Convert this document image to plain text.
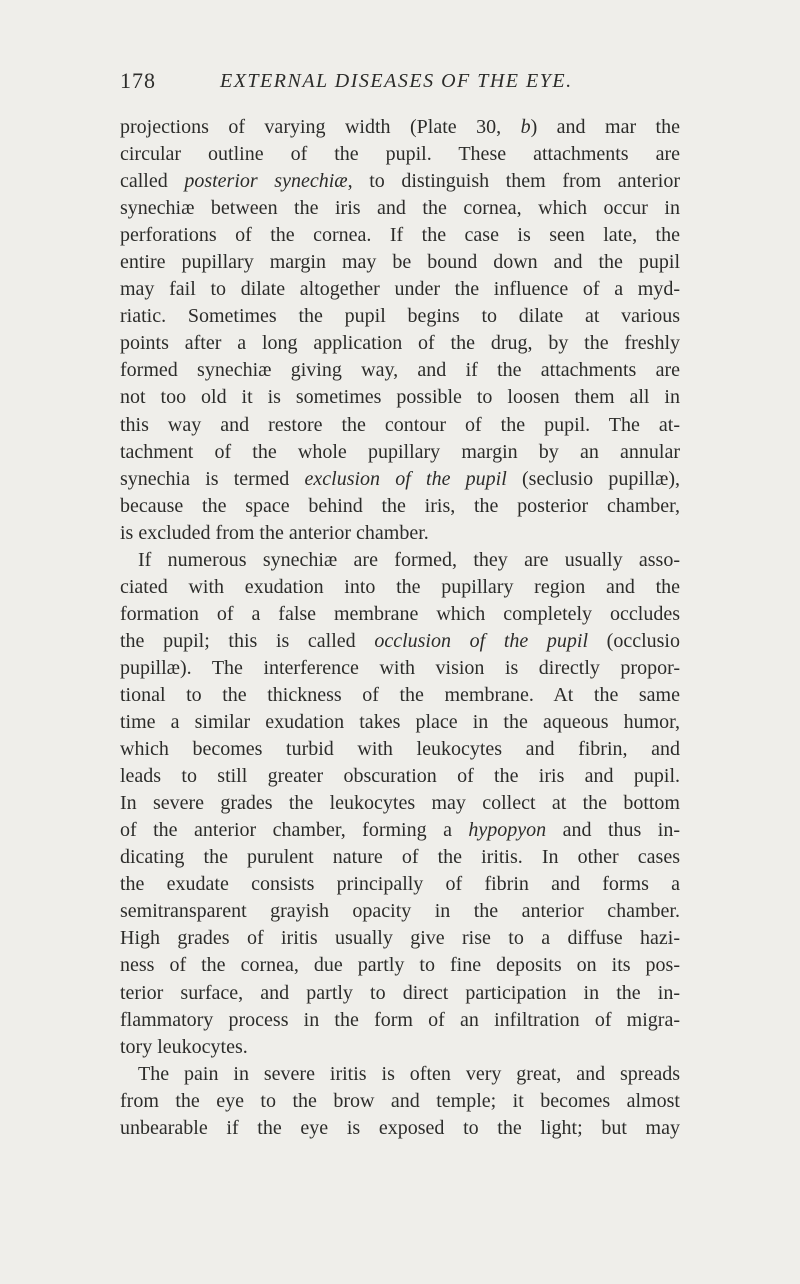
178	EXTERNAL DISEASES OF THE EYE.
projections of varying width (Plate 30, b) and mar the
circular outline of the pupil. These attachments are
called posterior synechiæ, to distinguish them from anterior
synechiæ between the iris and the cornea, which occur in
perforations of the cornea. If the case is seen late, the
entire pupillary margin may be bound down and the pupil
may fail to dilate altogether under the influence of a myd-
riatic. Sometimes the pupil begins to dilate at various
points after a long application of the drug, by the freshly
formed synechiæ giving way, and if the attachments are
not too old it is sometimes possible to loosen them all in
this way and restore the contour of the pupil. The at-
tachment of the whole pupillary margin by an annular
synechia is termed exclusion of the pupil (seclusio pupillæ),
because the space behind the iris, the posterior chamber,
is excluded from the anterior chamber.
If numerous synechiæ are formed, they are usually asso-
ciated with exudation into the pupillary region and the
formation of a false membrane which completely occludes
the pupil; this is called occlusion of the pupil (occlusio
pupillæ). The interference with vision is directly propor-
tional to the thickness of the membrane. At the same
time a similar exudation takes place in the aqueous humor,
which becomes turbid with leukocytes and fibrin, and
leads to still greater obscuration of the iris and pupil.
In severe grades the leukocytes may collect at the bottom
of the anterior chamber, forming a hypopyon and thus in-
dicating the purulent nature of the iritis. In other cases
the exudate consists principally of fibrin and forms a
semitransparent grayish opacity in the anterior chamber.
High grades of iritis usually give rise to a diffuse hazi-
ness of the cornea, due partly to fine deposits on its pos-
terior surface, and partly to direct participation in the in-
flammatory process in the form of an infiltration of migra-
tory leukocytes.
The pain in severe iritis is often very great, and spreads
from the eye to the brow and temple; it becomes almost
unbearable if the eye is exposed to the light; but may
